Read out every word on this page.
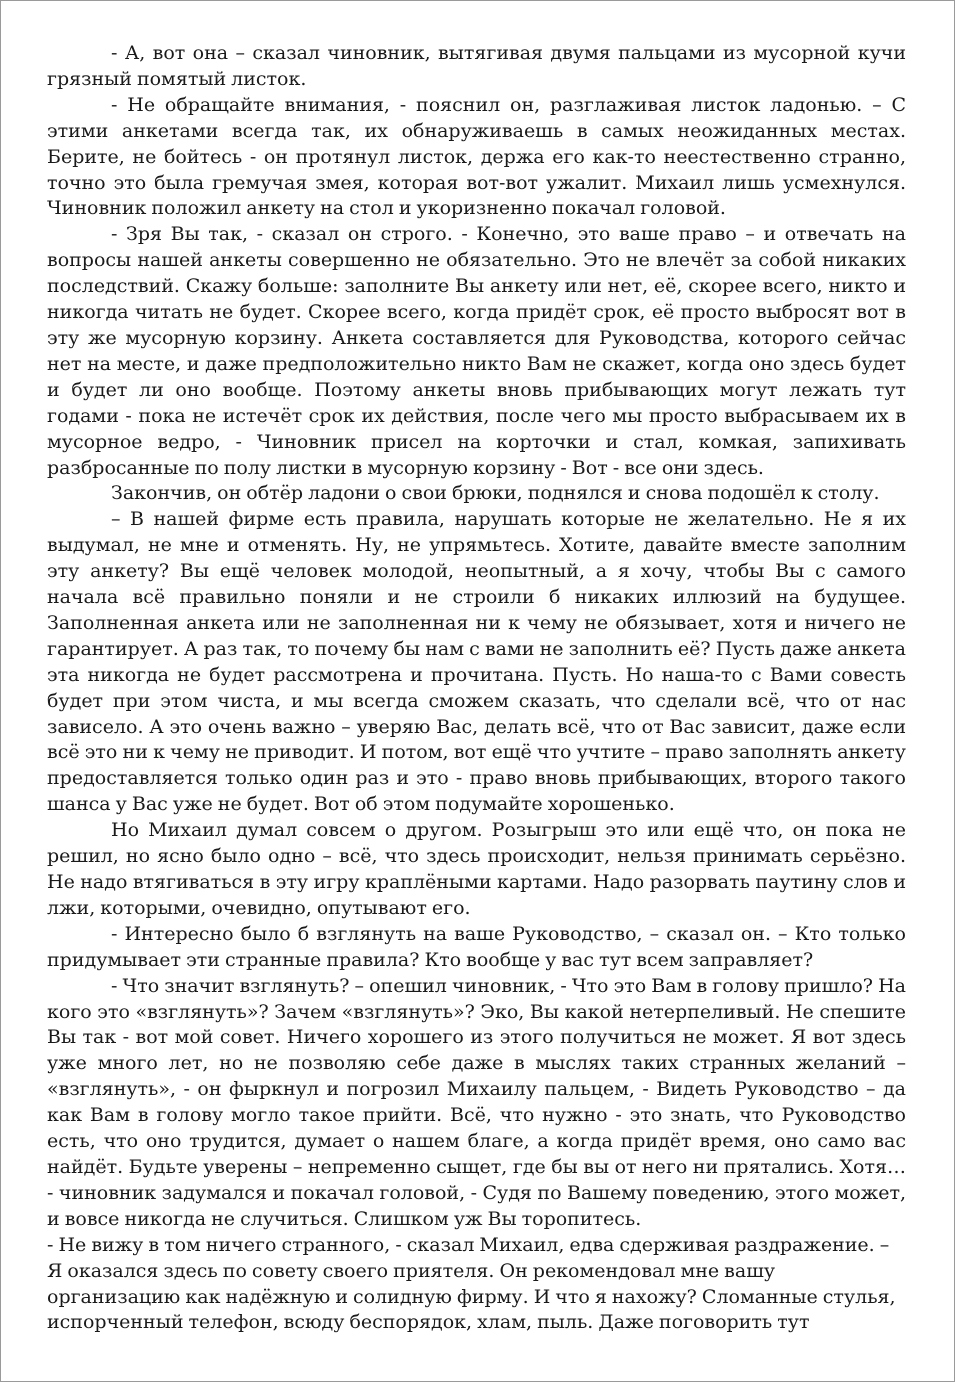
- А, вот она – сказал чиновник, вытягивая двумя пальцами из мусорной кучи грязный помятый листок.

- Не обращайте внимания, - пояснил он, разглаживая листок ладонью. – С этими анкетами всегда так, их обнаруживаешь в самых неожиданных местах. Берите, не бойтесь - он протянул листок, держа его как-то неестественно странно, точно это была гремучая змея, которая вот-вот ужалит. Михаил лишь усмехнулся. Чиновник положил анкету на стол и укоризненно покачал головой.

- Зря Вы так, - сказал он строго. - Конечно, это ваше право – и отвечать на вопросы нашей анкеты совершенно не обязательно. Это не влечёт за собой никаких последствий. Скажу больше: заполните Вы анкету или нет, её, скорее всего, никто и никогда читать не будет. Скорее всего, когда придёт срок, её просто выбросят вот в эту же мусорную корзину. Анкета составляется для Руководства, которого сейчас нет на месте, и даже предположительно никто Вам не скажет, когда оно здесь будет и будет ли оно вообще. Поэтому анкеты вновь прибывающих могут лежать тут годами - пока не истечёт срок их действия, после чего мы просто выбрасываем их в мусорное ведро, - Чиновник присел на корточки и стал, комкая, запихивать разбросанные по полу листки в мусорную корзину - Вот - все они здесь.

Закончив, он обтёр ладони о свои брюки, поднялся и снова подошёл к столу.

– В нашей фирме есть правила, нарушать которые не желательно. Не я их выдумал, не мне и отменять. Ну, не упрямьтесь. Хотите, давайте вместе заполним эту анкету? Вы ещё человек молодой, неопытный, а я хочу, чтобы Вы с самого начала всё правильно поняли и не строили б никаких иллюзий на будущее. Заполненная анкета или не заполненная ни к чему не обязывает, хотя и ничего не гарантирует. А раз так, то почему бы нам с вами не заполнить её? Пусть даже анкета эта никогда не будет рассмотрена и прочитана. Пусть. Но наша-то с Вами совесть будет при этом чиста, и мы всегда сможем сказать, что сделали всё, что от нас зависело. А это очень важно – уверяю Вас, делать всё, что от Вас зависит, даже если всё это ни к чему не приводит. И потом, вот ещё что учтите – право заполнять анкету предоставляется только один раз и это - право вновь прибывающих, второго такого шанса у Вас уже не будет. Вот об этом подумайте хорошенько.

Но Михаил думал совсем о другом. Розыгрыш это или ещё что, он пока не решил, но ясно было одно – всё, что здесь происходит, нельзя принимать серьёзно. Не надо втягиваться в эту игру краплёными картами. Надо разорвать паутину слов и лжи, которыми, очевидно, опутывают его.

- Интересно было б взглянуть на ваше Руководство, – сказал он. – Кто только придумывает эти странные правила? Кто вообще у вас тут всем заправляет?

- Что значит взглянуть? – опешил чиновник, - Что это Вам в голову пришло? На кого это «взглянуть»? Зачем «взглянуть»? Эко, Вы какой нетерпеливый. Не спешите Вы так - вот мой совет. Ничего хорошего из этого получиться не может. Я вот здесь уже много лет, но не позволяю себе даже в мыслях таких странных желаний – «взглянуть», - он фыркнул и погрозил Михаилу пальцем, - Видеть Руководство – да как Вам в голову могло такое прийти. Всё, что нужно - это знать, что Руководство есть, что оно трудится, думает о нашем благе, а когда придёт время, оно само вас найдёт. Будьте уверены – непременно сыщет, где бы вы от него ни прятались. Хотя… - чиновник задумался и покачал головой, - Судя по Вашему поведению, этого может, и вовсе никогда не случиться. Слишком уж Вы торопитесь.

- Не вижу в том ничего странного, - сказал Михаил, едва сдерживая раздражение. – Я оказался здесь по совету своего приятеля. Он рекомендовал мне вашу организацию как надёжную и солидную фирму. И что я нахожу? Сломанные стулья, испорченный телефон, всюду беспорядок, хлам, пыль. Даже поговорить тут
